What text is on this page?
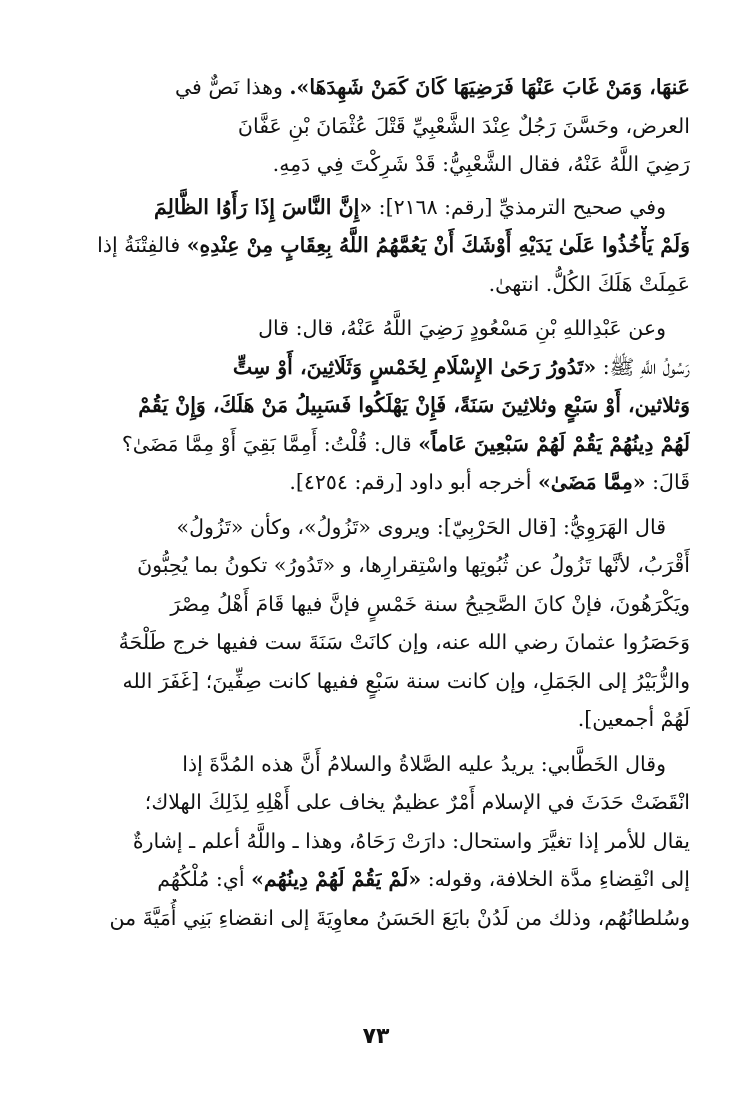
عَنهَا، وَمَنْ غَابَ عَنْهَا فَرَضِيَهَا كَانَ كَمَنْ شَهِدَهَا». وهذا نَصٌّ في
العرض، وحَسَّنَ رَجُلٌ عِنْدَ الشَّعْبِيِّ قَتْلَ عُثْمَانَ بْنِ عَفَّانَ
رَضِيَ اللَّهُ عَنْهُ، فقال الشَّعْبِيُّ: قَدْ شَرِكْتَ فِي دَمِهِ.

وفي صحيح الترمذيِّ [رقم: ٢١٦٨]: «إِنَّ النَّاسَ إِذَا رَأَوُا الظَّالِمَ
وَلَمْ يَأْخُذُوا عَلَىٰ يَدَيْهِ أَوْشَكَ أَنْ يَعُمَّهُمُ اللَّهُ بِعِقَابٍ مِنْ عِنْدِهِ» فالفِتْنَةُ إذا
عَمِلَتْ هَلَكَ الكُلُّ. انتهىٰ.

وعن عَبْدِاللهِ بْنِ مَسْعُودٍ رَضِيَ اللَّهُ عَنْهُ، قال: قال
رَسُولُ اللَّهِ ﷺ: «تَدُورُ رَحَىٰ الإِسْلَامِ لِخَمْسٍ وَثَلَاثِينَ، أَوْ سِتٍّ
وَثلاثين، أَوْ سَبْعٍ وثلاثِينَ سَنَةً، فَإِنْ يَهْلَكُوا فَسَبِيلُ مَنْ هَلَكَ، وَإِنْ يَقُمْ
لَهُمْ دِينُهُمْ يَقُمْ لَهُمْ سَبْعِينَ عَاماً» قال: قُلْتُ: أَمِمَّا بَقِيَ أَوْ مِمَّا مَضَىٰ؟
قَالَ: «مِمَّا مَضَىٰ» أخرجه أبو داود [رقم: ٤٢٥٤].

قال الهَرَوِيُّ: [قال الحَرْبِيّ]: ويروى «تَزُولُ»، وكأن «تَزُولُ»
أَقْرَبُ، لأنَّها تَزُولُ عن ثُبُوتِها واسْتِقرارِها، و «تَدُورُ» تكونُ بما يُحِبُّونَ
ويَكْرَهُونَ، فإنْ كانَ الصَّحِيحُ سنة خَمْسٍ فإنَّ فيها قَامَ أَهْلُ مِصْرَ
وَحَصَرُوا عثمانَ رضي الله عنه، وإن كانَتْ سَنَةَ ست ففيها خرج طَلْحَةُ
والزُّبَيْرُ إلى الجَمَلِ، وإن كانت سنة سَبْعٍ ففيها كانت صِفِّينَ؛ [غَفَرَ الله
لَهُمْ أجمعين].

وقال الخَطَّابي: يريدُ عليه الصَّلاةُ والسلامُ أَنَّ هذه المُدَّةَ إذا
انْقَضَتْ حَدَثَ في الإسلام أَمْرٌ عظيمٌ يخاف على أَهْلِهِ لِذَلِكَ الهلاك؛
يقال للأمر إذا تغيَّرَ واستحال: دارَتْ رَحَاهُ، وهذا ـ واللَّهُ أعلم ـ إشارةٌ
إلى انْقِضاءِ مدَّة الخلافة، وقوله: «لَمْ يَقُمْ لَهُمْ دِينُهُم» أي: مُلْكُهُم
وسُلطانُهُم، وذلك من لَدُنْ بايَعَ الحَسَنُ معاوِيَةَ إلى انقضاءِ بَنِي أُمَيَّةَ من

٧٣
